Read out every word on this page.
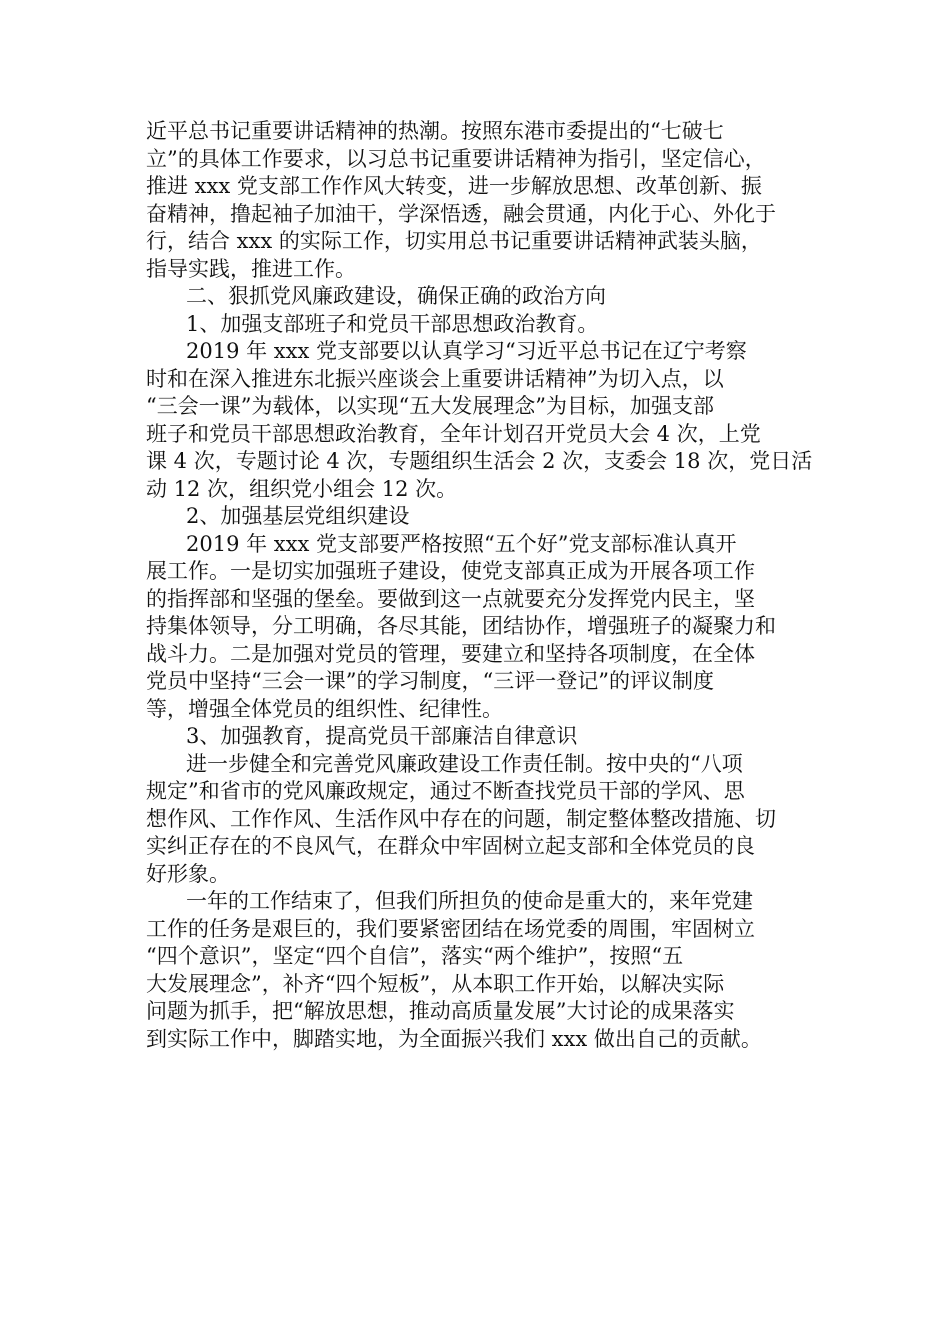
近平总书记重要讲话精神的热潮。按照东港市委提出的“七破七
立”的具体工作要求，以习总书记重要讲话精神为指引，坚定信心，
推进 xxx 党支部工作作风大转变，进一步解放思想、改革创新、振
奋精神，撸起袖子加油干，学深悟透，融会贯通，内化于心、外化于
行，结合 xxx 的实际工作，切实用总书记重要讲话精神武装头脑，
指导实践，推进工作。
二、狠抓党风廉政建设，确保正确的政治方向
1、加强支部班子和党员干部思想政治教育。
2019 年 xxx 党支部要以认真学习“习近平总书记在辽宁考察
时和在深入推进东北振兴座谈会上重要讲话精神”为切入点，以
“三会一课”为载体，以实现“五大发展理念”为目标，加强支部
班子和党员干部思想政治教育，全年计划召开党员大会 4 次，上党
课 4 次，专题讨论 4 次，专题组织生活会 2 次，支委会 18 次，党日活
动 12 次，组织党小组会 12 次。
2、加强基层党组织建设
2019 年 xxx 党支部要严格按照“五个好”党支部标准认真开
展工作。一是切实加强班子建设，使党支部真正成为开展各项工作
的指挥部和坚强的堡垒。要做到这一点就要充分发挥党内民主，坚
持集体领导，分工明确，各尽其能，团结协作，增强班子的凝聚力和
战斗力。二是加强对党员的管理，要建立和坚持各项制度，在全体
党员中坚持“三会一课”的学习制度，“三评一登记”的评议制度
等，增强全体党员的组织性、纪律性。
3、加强教育，提高党员干部廉洁自律意识
进一步健全和完善党风廉政建设工作责任制。按中央的“八项
规定”和省市的党风廉政规定，通过不断查找党员干部的学风、思
想作风、工作作风、生活作风中存在的问题，制定整体整改措施、切
实纠正存在的不良风气，在群众中牢固树立起支部和全体党员的良
好形象。
一年的工作结束了，但我们所担负的使命是重大的，来年党建
工作的任务是艰巨的，我们要紧密团结在场党委的周围，牢固树立
“四个意识”，坚定“四个自信”，落实“两个维护”，按照“五
大发展理念”，补齐“四个短板”，从本职工作开始，以解决实际
问题为抓手，把“解放思想，推动高质量发展”大讨论的成果落实
到实际工作中，脚踏实地，为全面振兴我们 xxx 做出自己的贡献。
